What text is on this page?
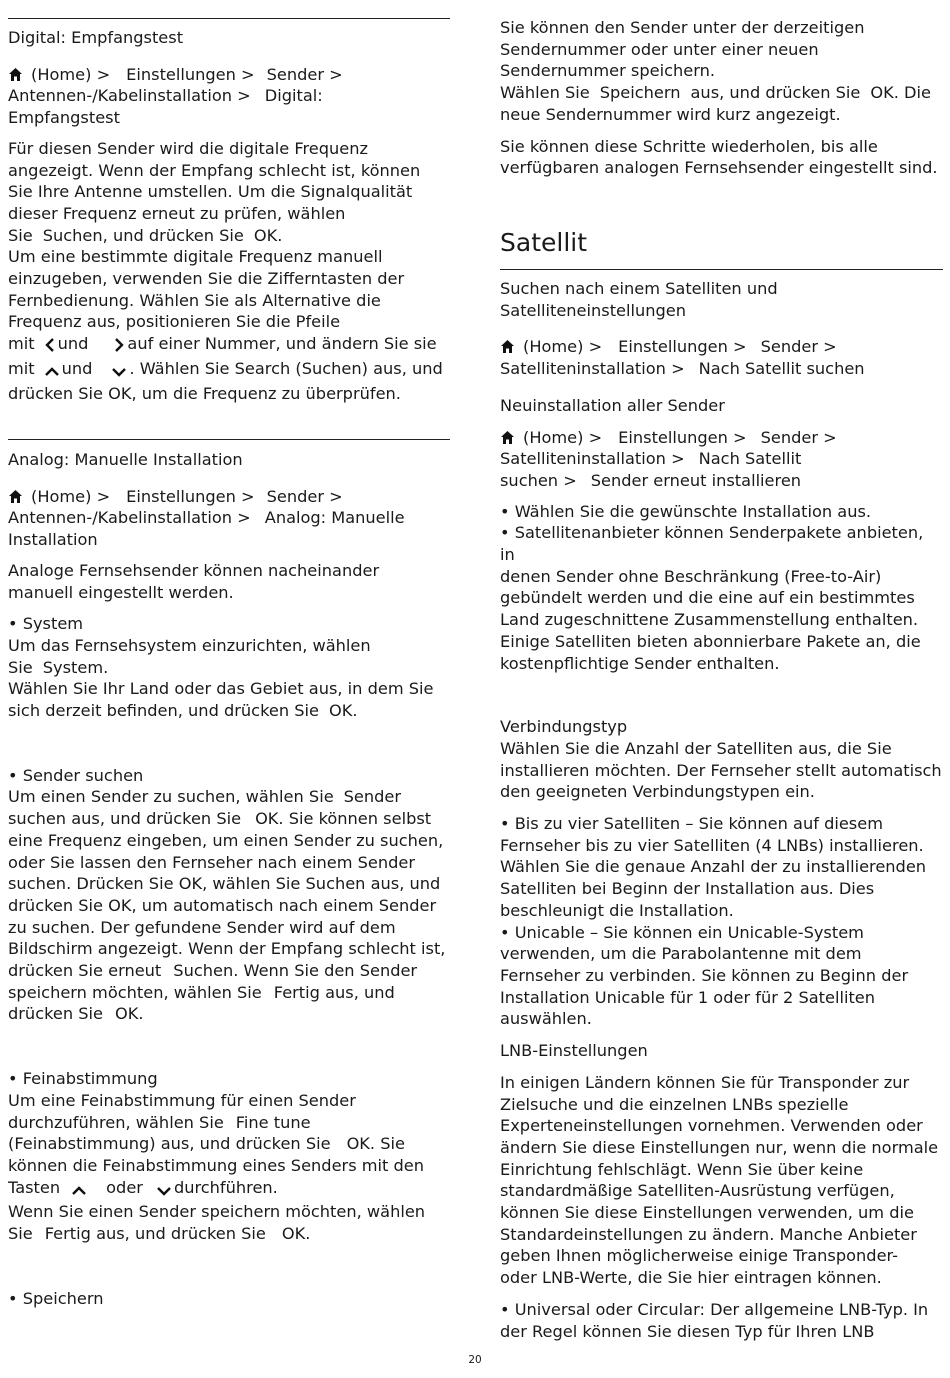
Digital: Empfangstest
(Home) > Einstellungen > Sender >
Antennen-/Kabelinstallation > Digital:
Empfangstest
Für diesen Sender wird die digitale Frequenz
angezeigt. Wenn der Empfang schlecht ist, können
Sie Ihre Antenne umstellen. Um die Signalqualität
dieser Frequenz erneut zu prüfen, wählen
Sie Suchen, und drücken Sie OK.
Um eine bestimmte digitale Frequenz manuell
einzugeben, verwenden Sie die Zifferntasten der
Fernbedienung. Wählen Sie als Alternative die
Frequenz aus, positionieren Sie die Pfeile
mit und auf einer Nummer, und ändern Sie sie
mit und . Wählen Sie Search (Suchen) aus, und
drücken Sie OK, um die Frequenz zu überprüfen.
Analog: Manuelle Installation
(Home) > Einstellungen > Sender >
Antennen-/Kabelinstallation > Analog: Manuelle
Installation
Analoge Fernsehsender können nacheinander
manuell eingestellt werden.
• System
Um das Fernsehsystem einzurichten, wählen
Sie System.
Wählen Sie Ihr Land oder das Gebiet aus, in dem Sie
sich derzeit befinden, und drücken Sie OK.
• Sender suchen
Um einen Sender zu suchen, wählen Sie Sender
suchen aus, und drücken Sie OK. Sie können selbst
eine Frequenz eingeben, um einen Sender zu suchen,
oder Sie lassen den Fernseher nach einem Sender
suchen. Drücken Sie OK, wählen Sie Suchen aus, und
drücken Sie OK, um automatisch nach einem Sender
zu suchen. Der gefundene Sender wird auf dem
Bildschirm angezeigt. Wenn der Empfang schlecht ist,
drücken Sie erneut Suchen. Wenn Sie den Sender
speichern möchten, wählen Sie Fertig aus, und
drücken Sie OK.
• Feinabstimmung
Um eine Feinabstimmung für einen Sender
durchzuführen, wählen Sie Fine tune
(Feinabstimmung) aus, und drücken Sie OK. Sie
können die Feinabstimmung eines Senders mit den
Tasten	oder durchführen.
Wenn Sie einen Sender speichern möchten, wählen
Sie Fertig aus, und drücken Sie OK.
• Speichern
Sie können den Sender unter der derzeitigen
Sendernummer oder unter einer neuen
Sendernummer speichern.
Wählen Sie Speichern aus, und drücken Sie OK. Die
neue Sendernummer wird kurz angezeigt.
Sie können diese Schritte wiederholen, bis alle
verfügbaren analogen Fernsehsender eingestellt sind.
Satellit
Suchen nach einem Satelliten und
Satelliteneinstellungen
(Home) > Einstellungen > Sender >
Satelliteninstallation > Nach Satellit suchen
Neuinstallation aller Sender
(Home) > Einstellungen > Sender >
Satelliteninstallation > Nach Satellit
suchen > Sender erneut installieren
• Wählen Sie die gewünschte Installation aus.
• Satellitenanbieter können Senderpakete anbieten, in
denen Sender ohne Beschränkung (Free-to-Air)
gebündelt werden und die eine auf ein bestimmtes
Land zugeschnittene Zusammenstellung enthalten.
Einige Satelliten bieten abonnierbare Pakete an, die
kostenpflichtige Sender enthalten.
Verbindungstyp
Wählen Sie die Anzahl der Satelliten aus, die Sie
installieren möchten. Der Fernseher stellt automatisch
den geeigneten Verbindungstypen ein.
• Bis zu vier Satelliten – Sie können auf diesem
Fernseher bis zu vier Satelliten (4 LNBs) installieren.
Wählen Sie die genaue Anzahl der zu installierenden
Satelliten bei Beginn der Installation aus. Dies
beschleunigt die Installation.
• Unicable – Sie können ein Unicable-System
verwenden, um die Parabolantenne mit dem
Fernseher zu verbinden. Sie können zu Beginn der
Installation Unicable für 1 oder für 2 Satelliten
auswählen.
LNB-Einstellungen
In einigen Ländern können Sie für Transponder zur
Zielsuche und die einzelnen LNBs spezielle
Experteneinstellungen vornehmen. Verwenden oder
ändern Sie diese Einstellungen nur, wenn die normale
Einrichtung fehlschlägt. Wenn Sie über keine
standardmäßige Satelliten-Ausrüstung verfügen,
können Sie diese Einstellungen verwenden, um die
Standardeinstellungen zu ändern. Manche Anbieter
geben Ihnen möglicherweise einige Transponder-
oder LNB-Werte, die Sie hier eintragen können.
• Universal oder Circular: Der allgemeine LNB-Typ. In
der Regel können Sie diesen Typ für Ihren LNB
20
